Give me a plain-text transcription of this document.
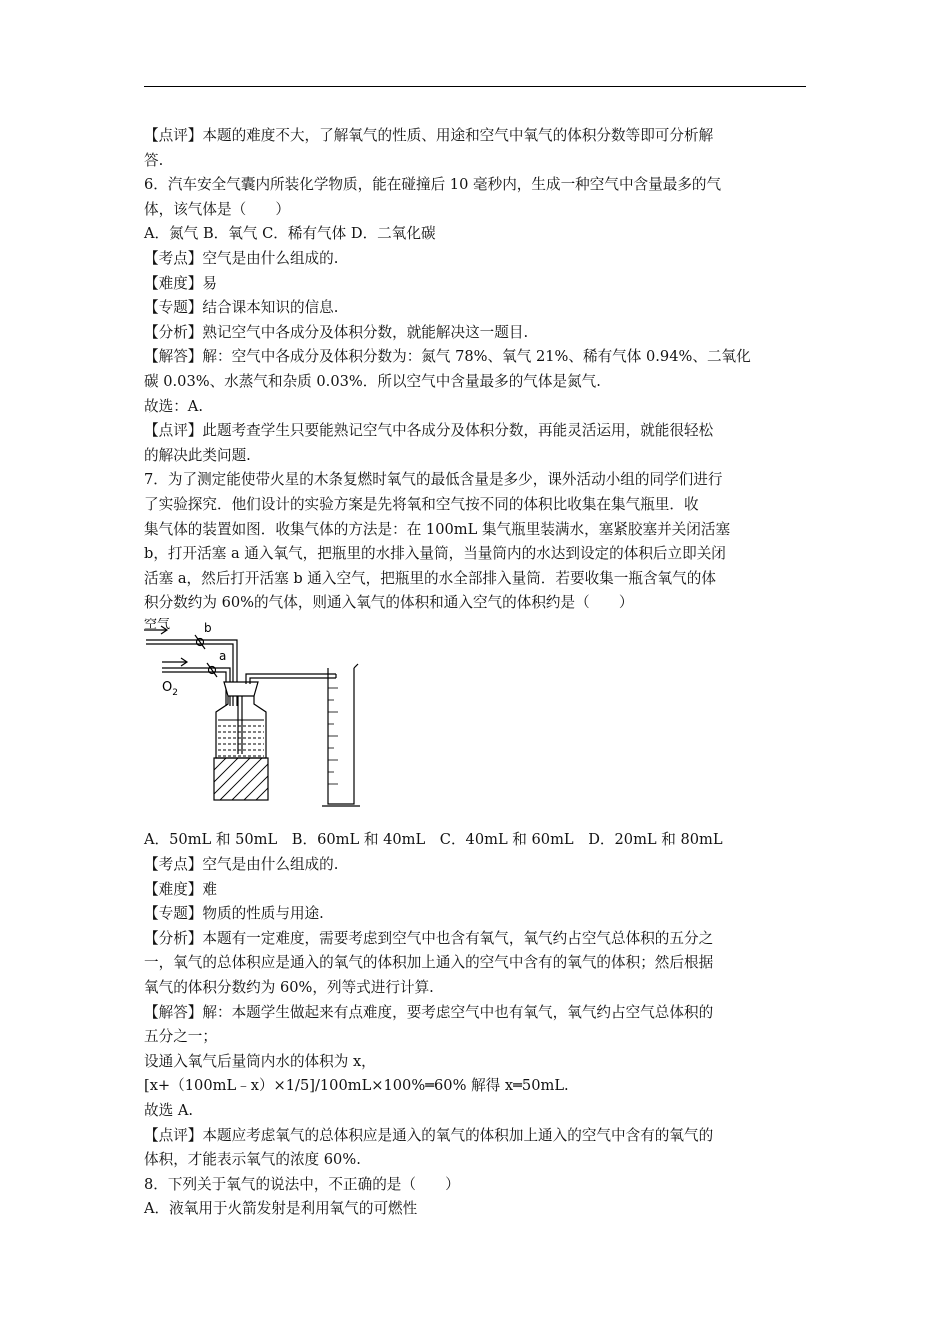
【点评】本题的难度不大，了解氧气的性质、用途和空气中氧气的体积分数等即可分析解

答.

6．汽车安全气囊内所装化学物质，能在碰撞后 10 毫秒内，生成一种空气中含量最多的气

体，该气体是（　　）

A．氮气 B．氧气 C．稀有气体 D．二氧化碳

【考点】空气是由什么组成的.

【难度】易

【专题】结合课本知识的信息.

【分析】熟记空气中各成分及体积分数，就能解决这一题目.

【解答】解：空气中各成分及体积分数为：氮气 78%、氧气 21%、稀有气体 0.94%、二氧化

碳 0.03%、水蒸气和杂质 0.03%．所以空气中含量最多的气体是氮气.

故选：A.

【点评】此题考查学生只要能熟记空气中各成分及体积分数，再能灵活运用，就能很轻松

的解决此类问题.

7．为了测定能使带火星的木条复燃时氧气的最低含量是多少，课外活动小组的同学们进行

了实验探究．他们设计的实验方案是先将氧和空气按不同的体积比收集在集气瓶里．收

集气体的装置如图．收集气体的方法是：在 100mL 集气瓶里装满水，塞紧胶塞并关闭活塞

b，打开活塞 a 通入氧气，把瓶里的水排入量筒，当量筒内的水达到设定的体积后立即关闭

活塞 a，然后打开活塞 b 通入空气，把瓶里的水全部排入量筒．若要收集一瓶含氧气的体

积分数约为 60%的气体，则通入氧气的体积和通入空气的体积约是（　　）

空气	b
a
$O_2$

A．50mL 和 50mL　B．60mL 和 40mL　C．40mL 和 60mL　D．20mL 和 80mL

【考点】空气是由什么组成的.

【难度】难

【专题】物质的性质与用途.

【分析】本题有一定难度，需要考虑到空气中也含有氧气，氧气约占空气总体积的五分之

一，氧气的总体积应是通入的氧气的体积加上通入的空气中含有的氧气的体积；然后根据

氧气的体积分数约为 60%，列等式进行计算.

【解答】解：本题学生做起来有点难度，要考虑空气中也有氧气，氧气约占空气总体积的

五分之一；

设通入氧气后量筒内水的体积为 x，

[x+（100mL﹣x）×1/5]/100mL×100%═60% 解得 x═50mL.

故选 A.

【点评】本题应考虑氧气的总体积应是通入的氧气的体积加上通入的空气中含有的氧气的

体积，才能表示氧气的浓度 60%.

8．下列关于氧气的说法中，不正确的是（　　）

A．液氧用于火箭发射是利用氧气的可燃性
